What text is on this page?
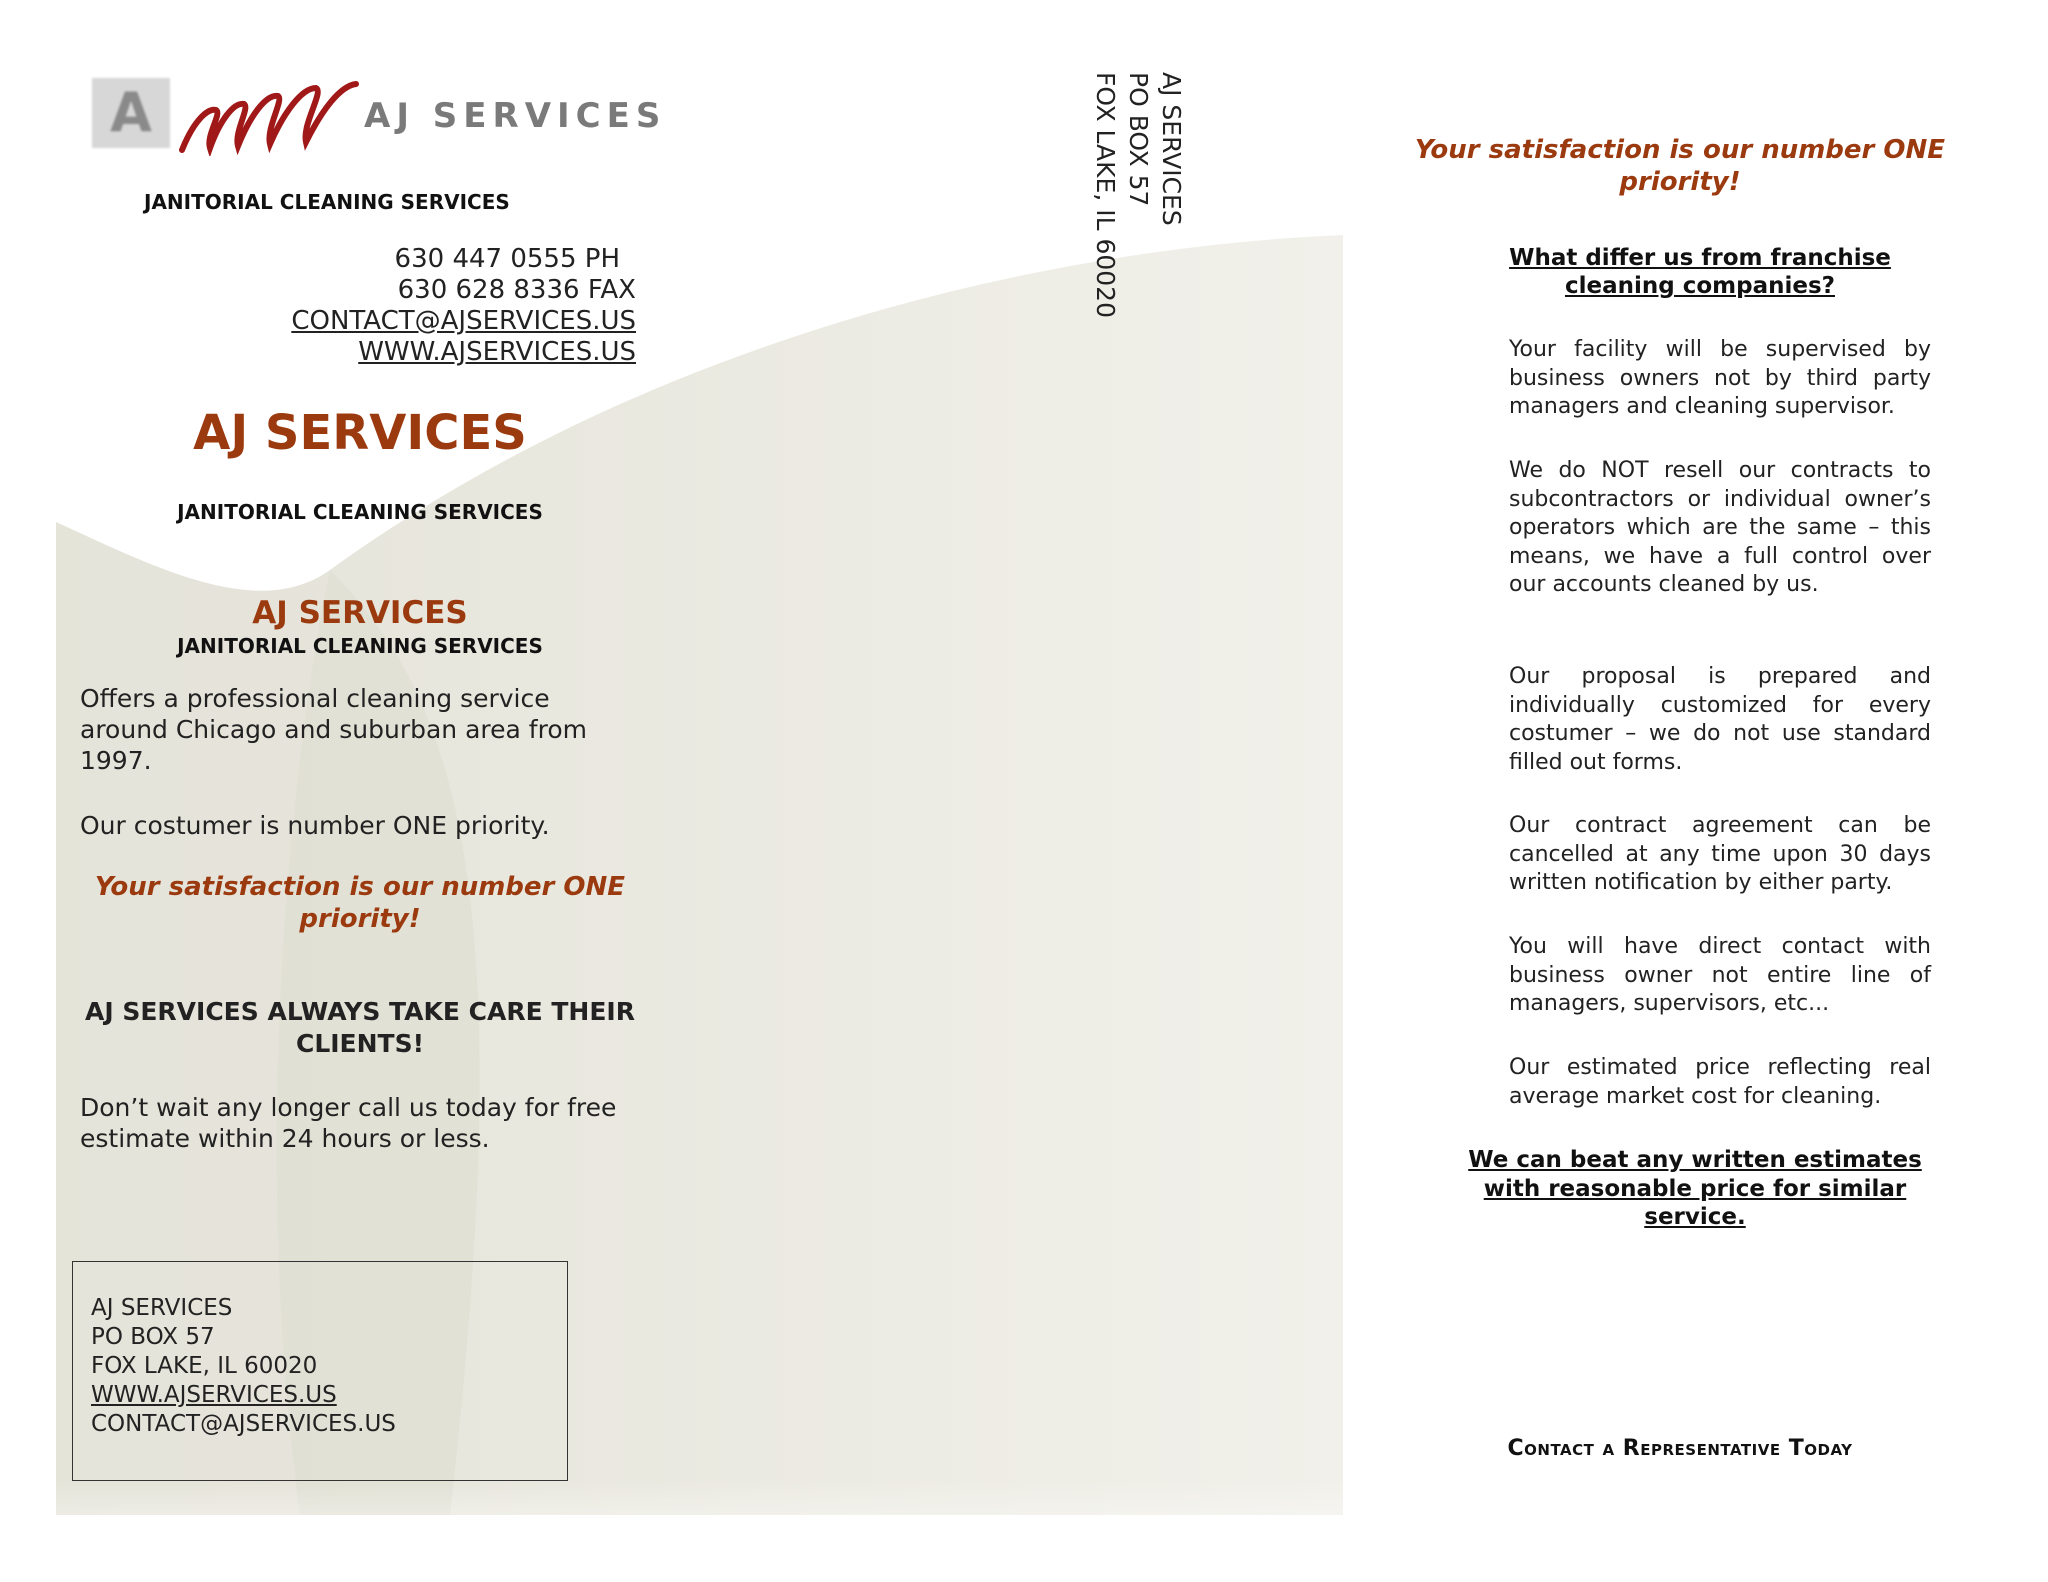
A	AJ SERVICES
JANITORIAL CLEANING SERVICES
630 447 0555 PH
630 628 8336 FAX
CONTACT@AJSERVICES.US
WWW.AJSERVICES.US
AJ SERVICES
JANITORIAL CLEANING SERVICES
AJ SERVICES
JANITORIAL CLEANING SERVICES
Offers a professional cleaning service around Chicago and suburban area from 1997.
Our costumer is number ONE priority.
Your satisfaction is our number ONE priority!
AJ SERVICES ALWAYS TAKE CARE THEIR CLIENTS!
Don’t wait any longer call us today for free estimate within 24 hours or less.
AJ SERVICES
PO BOX 57
FOX LAKE, IL 60020
WWW.AJSERVICES.US
CONTACT@AJSERVICES.US
AJ SERVICES
PO BOX 57
FOX LAKE, IL 60020	Your satisfaction is our number ONE priority!
What differ us from franchise cleaning companies?
Your facility will be supervised by business owners not by third party managers and cleaning supervisor.
We do NOT resell our contracts to subcontractors or individual owner’s operators which are the same – this means, we have a full control over our accounts cleaned by us.
Our proposal is prepared and individually customized for every costumer – we do not use standard filled out forms.
Our contract agreement can be cancelled at any time upon 30 days written notification by either party.
You will have direct contact with business owner not entire line of managers, supervisors, etc...
Our estimated price reflecting real average market cost for cleaning.
We can beat any written estimates with reasonable price for similar service.
Contact a Representative Today
